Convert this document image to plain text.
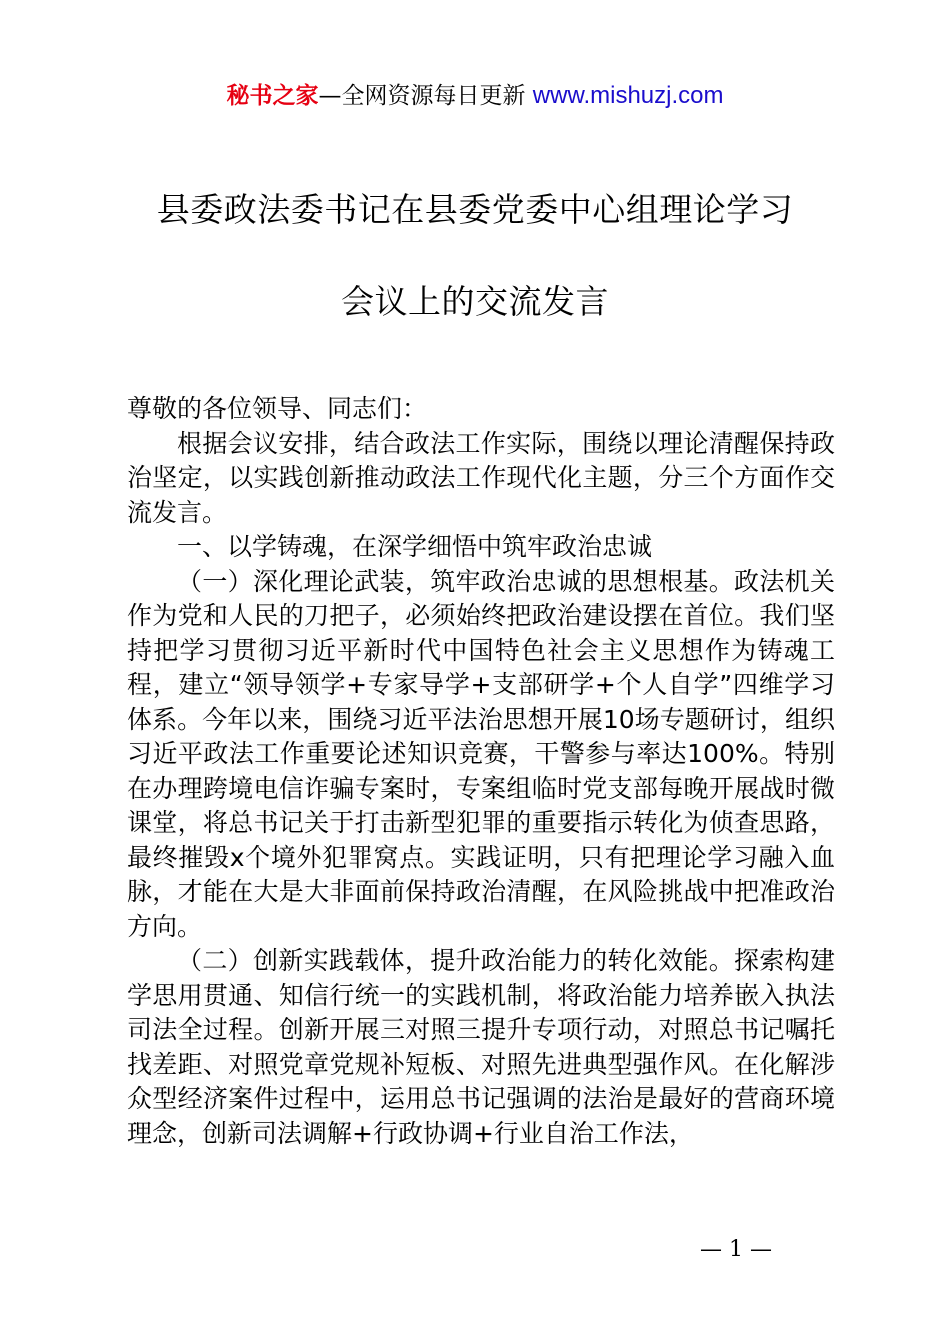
秘书之家—全网资源每日更新 www.mishuzj.com
县委政法委书记在县委党委中心组理论学习
会议上的交流发言

尊敬的各位领导、同志们：

根据会议安排，结合政法工作实际，围绕以理论清醒保持政治坚定，以实践创新推动政法工作现代化主题，分三个方面作交流发言。

一、以学铸魂，在深学细悟中筑牢政治忠诚

（一）深化理论武装，筑牢政治忠诚的思想根基。政法机关作为党和人民的刀把子，必须始终把政治建设摆在首位。我们坚持把学习贯彻习近平新时代中国特色社会主义思想作为铸魂工程，建立“领导领学+专家导学+支部研学+个人自学”四维学习体系。今年以来，围绕习近平法治思想开展10场专题研讨，组织习近平政法工作重要论述知识竞赛，干警参与率达100%。特别在办理跨境电信诈骗专案时，专案组临时党支部每晚开展战时微课堂，将总书记关于打击新型犯罪的重要指示转化为侦查思路，最终摧毁x个境外犯罪窝点。实践证明，只有把理论学习融入血脉，才能在大是大非面前保持政治清醒，在风险挑战中把准政治方向。

（二）创新实践载体，提升政治能力的转化效能。探索构建学思用贯通、知信行统一的实践机制，将政治能力培养嵌入执法司法全过程。创新开展三对照三提升专项行动，对照总书记嘱托找差距、对照党章党规补短板、对照先进典型强作风。在化解涉众型经济案件过程中，运用总书记强调的法治是最好的营商环境理念，创新司法调解+行政协调+行业自治工作法，

— 1 —
